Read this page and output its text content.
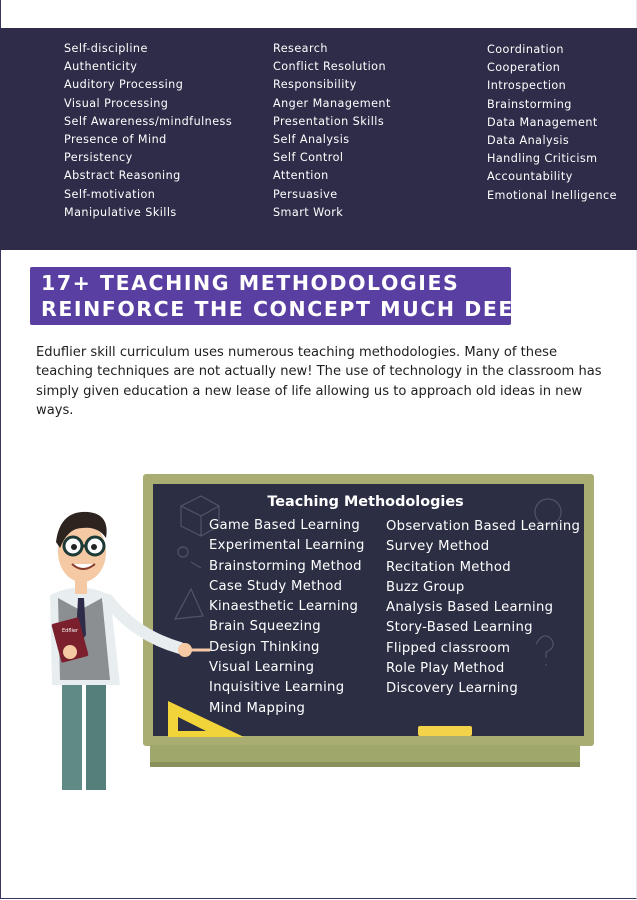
Self-discipline
Authenticity
Auditory Processing
Visual Processing
Self Awareness/mindfulness
Presence of Mind
Persistency
Abstract Reasoning
Self-motivation
Manipulative Skills
Research
Conflict Resolution
Responsibility
Anger Management
Presentation Skills
Self Analysis
Self Control
Attention
Persuasive
Smart Work
Coordination
Cooperation
Introspection
Brainstorming
Data Management
Data Analysis
Handling Criticism
Accountability
Emotional Inelligence
17+ TEACHING METHODOLOGIES
REINFORCE THE CONCEPT MUCH DEEPER

Eduflier skill curriculum uses numerous teaching methodologies. Many of these teaching techniques are not actually new! The use of technology in the classroom has simply given education a new lease of life allowing us to approach old ideas in new ways.

Teaching Methodologies
Game Based Learning
Experimental Learning
Brainstorming Method
Case Study Method
Kinaesthetic Learning
Brain Squeezing
Design Thinking
Visual Learning
Inquisitive Learning
Mind Mapping
Observation Based Learning
Survey Method
Recitation Method
Buzz Group
Analysis Based Learning
Story-Based Learning
Flipped classroom
Role Play Method
Discovery Learning
Edflier
